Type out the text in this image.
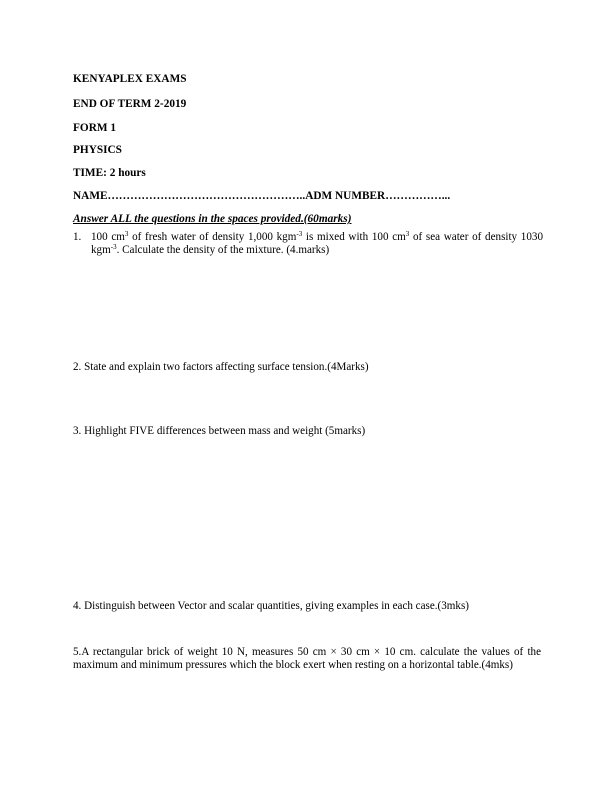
KENYAPLEX EXAMS
END OF TERM 2-2019
FORM 1
PHYSICS
TIME: 2 hours
NAME……………………………………………..ADM NUMBER……………...
Answer ALL the questions in the spaces provided.(60marks)
1. 100 $cm^3$ of fresh water of density 1,000 kgm$^{-3}$ is mixed with 100 $cm^3$ of sea water of density 1030 kgm$^{-3}$. Calculate the density of the mixture. (4.marks)
2. State and explain two factors affecting surface tension.(4Marks)
3. Highlight FIVE differences between mass and weight (5marks)
4. Distinguish between Vector and scalar quantities, giving examples in each case.(3mks)
5.A rectangular brick of weight 10 N, measures 50 cm × 30 cm × 10 cm. calculate the values of the maximum and minimum pressures which the block exert when resting on a horizontal table.(4mks)
